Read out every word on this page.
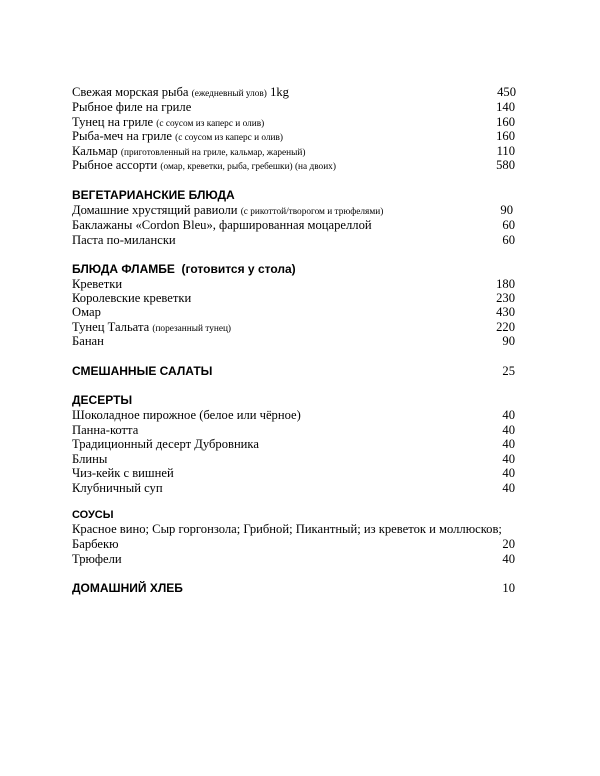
Свежая морская рыба (ежедневный улов) 1kg	450
Рыбное филе на гриле	140
Тунец на гриле (с соусом из каперс и олив)	160
Рыба-меч на гриле (с соусом из каперс и олив)	160
Кальмар (приготовленный на гриле, кальмар, жареный)	110
Рыбное ассорти (омар, креветки, рыба, гребешки) (на двоих)	580
ВЕГЕТАРИАНСКИЕ БЛЮДА
Домашние хрустящий равиоли (с рикоттой/творогом и трюфелями)	90
Баклажаны «Cordon Bleu», фаршированная моцареллой	60
Паста по-милански	60
БЛЮДА ФЛАМБЕ  (готовится у стола)
Креветки	180
Королевские креветки	230
Омар	430
Тунец Тальата (порезанный тунец)	220
Банан	90
СМЕШАННЫЕ САЛАТЫ	25
ДЕСЕРТЫ
Шоколадное пирожное (белое или чёрное)	40
Панна-котта	40
Традиционный десерт Дубровника	40
Блины	40
Чиз-кейк с вишней	40
Клубничный суп	40
СОУСЫ
Красное вино; Сыр горгонзола; Грибной; Пикантный; из креветок и моллюсков;
Барбекю	20
Трюфели	40
ДОМАШНИЙ ХЛЕБ	10
